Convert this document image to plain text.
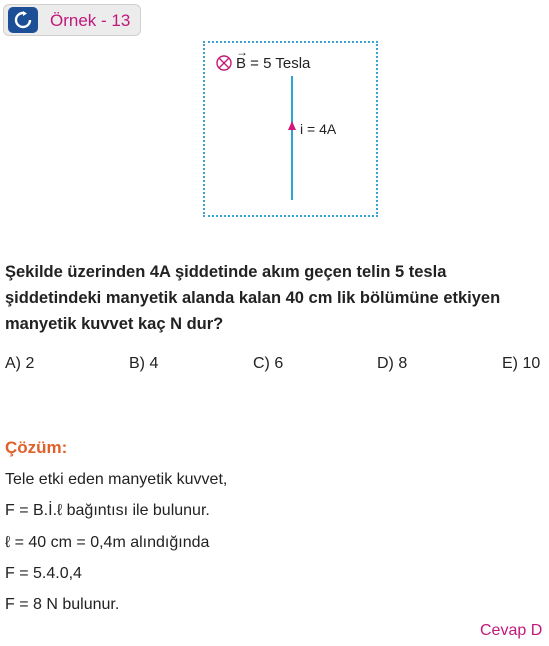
Örnek - 13
→ B = 5 Tesla
i = 4A

Şekilde üzerinden 4A şiddetinde akım geçen telin 5 tesla şiddetindeki manyetik alanda kalan 40 cm lik bölümüne etkiyen manyetik kuvvet kaç N dur?

A) 2	B) 4	C) 6	D) 8	E) 10
Çözüm:
Tele etki eden manyetik kuvvet,
F = B.İ.ℓ bağıntısı ile bulunur.
ℓ = 40 cm = 0,4m alındığında
F = 5.4.0,4
F = 8 N bulunur.
Cevap D
